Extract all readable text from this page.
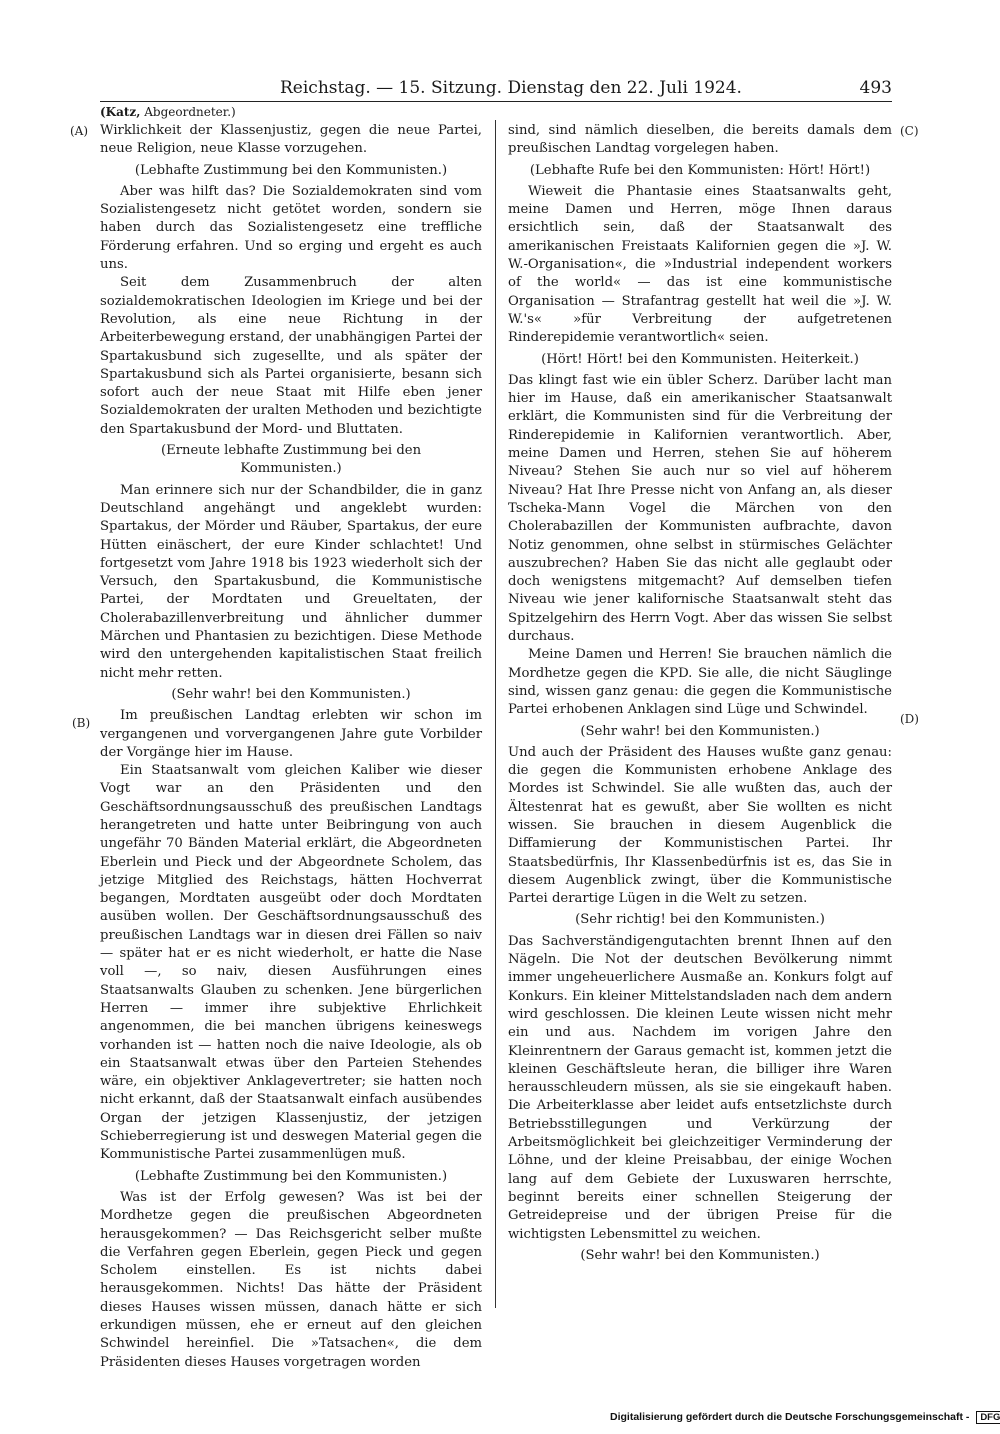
Reichstag. — 15. Sitzung. Dienstag den 22. Juli 1924.	493
(Katz, Abgeordneter.)
(A)
(B)
(C)
(D)

Wirklichkeit der Klassenjustiz, gegen die neue Partei, neue Religion, neue Klasse vorzugehen.

(Lebhafte Zustimmung bei den Kommunisten.)

Aber was hilft das? Die Sozialdemokraten sind vom Sozialistengesetz nicht getötet worden, sondern sie haben durch das Sozialistengesetz eine treffliche Förderung erfahren. Und so erging und ergeht es auch uns.

Seit dem Zusammenbruch der alten sozialdemokratischen Ideologien im Kriege und bei der Revolution, als eine neue Richtung in der Arbeiterbewegung erstand, der unabhängigen Partei der Spartakusbund sich zugesellte, und als später der Spartakusbund sich als Partei organisierte, besann sich sofort auch der neue Staat mit Hilfe eben jener Sozialdemokraten der uralten Methoden und bezichtigte den Spartakusbund der Mord- und Bluttaten.

(Erneute lebhafte Zustimmung bei den Kommunisten.)

Man erinnere sich nur der Schandbilder, die in ganz Deutschland angehängt und angeklebt wurden: Spartakus, der Mörder und Räuber, Spartakus, der eure Hütten einäschert, der eure Kinder schlachtet! Und fortgesetzt vom Jahre 1918 bis 1923 wiederholt sich der Versuch, den Spartakusbund, die Kommunistische Partei, der Mordtaten und Greueltaten, der Cholerabazillenverbreitung und ähnlicher dummer Märchen und Phantasien zu bezichtigen. Diese Methode wird den untergehenden kapitalistischen Staat freilich nicht mehr retten.

(Sehr wahr! bei den Kommunisten.)

Im preußischen Landtag erlebten wir schon im vergangenen und vorvergangenen Jahre gute Vorbilder der Vorgänge hier im Hause.

Ein Staatsanwalt vom gleichen Kaliber wie dieser Vogt war an den Präsidenten und den Geschäftsordnungsausschuß des preußischen Landtags herangetreten und hatte unter Beibringung von auch ungefähr 70 Bänden Material erklärt, die Abgeordneten Eberlein und Pieck und der Abgeordnete Scholem, das jetzige Mitglied des Reichstags, hätten Hochverrat begangen, Mordtaten ausgeübt oder doch Mordtaten ausüben wollen. Der Geschäftsordnungsausschuß des preußischen Landtags war in diesen drei Fällen so naiv — später hat er es nicht wiederholt, er hatte die Nase voll —, so naiv, diesen Ausführungen eines Staatsanwalts Glauben zu schenken. Jene bürgerlichen Herren — immer ihre subjektive Ehrlichkeit angenommen, die bei manchen übrigens keineswegs vorhanden ist — hatten noch die naive Ideologie, als ob ein Staatsanwalt etwas über den Parteien Stehendes wäre, ein objektiver Anklagevertreter; sie hatten noch nicht erkannt, daß der Staatsanwalt einfach ausübendes Organ der jetzigen Klassenjustiz, der jetzigen Schieberregierung ist und deswegen Material gegen die Kommunistische Partei zusammenlügen muß.

(Lebhafte Zustimmung bei den Kommunisten.)

Was ist der Erfolg gewesen? Was ist bei der Mordhetze gegen die preußischen Abgeordneten herausgekommen? — Das Reichsgericht selber mußte die Verfahren gegen Eberlein, gegen Pieck und gegen Scholem einstellen. Es ist nichts dabei herausgekommen. Nichts! Das hätte der Präsident dieses Hauses wissen müssen, danach hätte er sich erkundigen müssen, ehe er erneut auf den gleichen Schwindel hereinfiel. Die »Tatsachen«, die dem Präsidenten dieses Hauses vorgetragen worden

sind, sind nämlich dieselben, die bereits damals dem preußischen Landtag vorgelegen haben.

(Lebhafte Rufe bei den Kommunisten: Hört! Hört!)

Wieweit die Phantasie eines Staatsanwalts geht, meine Damen und Herren, möge Ihnen daraus ersichtlich sein, daß der Staatsanwalt des amerikanischen Freistaats Kalifornien gegen die »J. W. W.-Organisation«, die »Industrial independent workers of the world« — das ist eine kommunistische Organisation — Strafantrag gestellt hat weil die »J. W. W.'s« »für Verbreitung der aufgetretenen Rinderepidemie verantwortlich« seien.

(Hört! Hört! bei den Kommunisten. Heiterkeit.)

Das klingt fast wie ein übler Scherz. Darüber lacht man hier im Hause, daß ein amerikanischer Staatsanwalt erklärt, die Kommunisten sind für die Verbreitung der Rinderepidemie in Kalifornien verantwortlich. Aber, meine Damen und Herren, stehen Sie auf höherem Niveau? Stehen Sie auch nur so viel auf höherem Niveau? Hat Ihre Presse nicht von Anfang an, als dieser Tscheka-Mann Vogel die Märchen von den Cholerabazillen der Kommunisten aufbrachte, davon Notiz genommen, ohne selbst in stürmisches Gelächter auszubrechen? Haben Sie das nicht alle geglaubt oder doch wenigstens mitgemacht? Auf demselben tiefen Niveau wie jener kalifornische Staatsanwalt steht das Spitzelgehirn des Herrn Vogt. Aber das wissen Sie selbst durchaus.

Meine Damen und Herren! Sie brauchen nämlich die Mordhetze gegen die KPD. Sie alle, die nicht Säuglinge sind, wissen ganz genau: die gegen die Kommunistische Partei erhobenen Anklagen sind Lüge und Schwindel.

(Sehr wahr! bei den Kommunisten.)

Und auch der Präsident des Hauses wußte ganz genau: die gegen die Kommunisten erhobene Anklage des Mordes ist Schwindel. Sie alle wußten das, auch der Ältestenrat hat es gewußt, aber Sie wollten es nicht wissen. Sie brauchen in diesem Augenblick die Diffamierung der Kommunistischen Partei. Ihr Staatsbedürfnis, Ihr Klassenbedürfnis ist es, das Sie in diesem Augenblick zwingt, über die Kommunistische Partei derartige Lügen in die Welt zu setzen.

(Sehr richtig! bei den Kommunisten.)

Das Sachverständigengutachten brennt Ihnen auf den Nägeln. Die Not der deutschen Bevölkerung nimmt immer ungeheuerlichere Ausmaße an. Konkurs folgt auf Konkurs. Ein kleiner Mittelstandsladen nach dem andern wird geschlossen. Die kleinen Leute wissen nicht mehr ein und aus. Nachdem im vorigen Jahre den Kleinrentnern der Garaus gemacht ist, kommen jetzt die kleinen Geschäftsleute heran, die billiger ihre Waren herausschleudern müssen, als sie sie eingekauft haben. Die Arbeiterklasse aber leidet aufs entsetzlichste durch Betriebsstillegungen und Verkürzung der Arbeitsmöglichkeit bei gleichzeitiger Verminderung der Löhne, und der kleine Preisabbau, der einige Wochen lang auf dem Gebiete der Luxuswaren herrschte, beginnt bereits einer schnellen Steigerung der Getreidepreise und der übrigen Preise für die wichtigsten Lebensmittel zu weichen.

(Sehr wahr! bei den Kommunisten.)

Digitalisierung gefördert durch die Deutsche Forschungsgemeinschaft - DFG
